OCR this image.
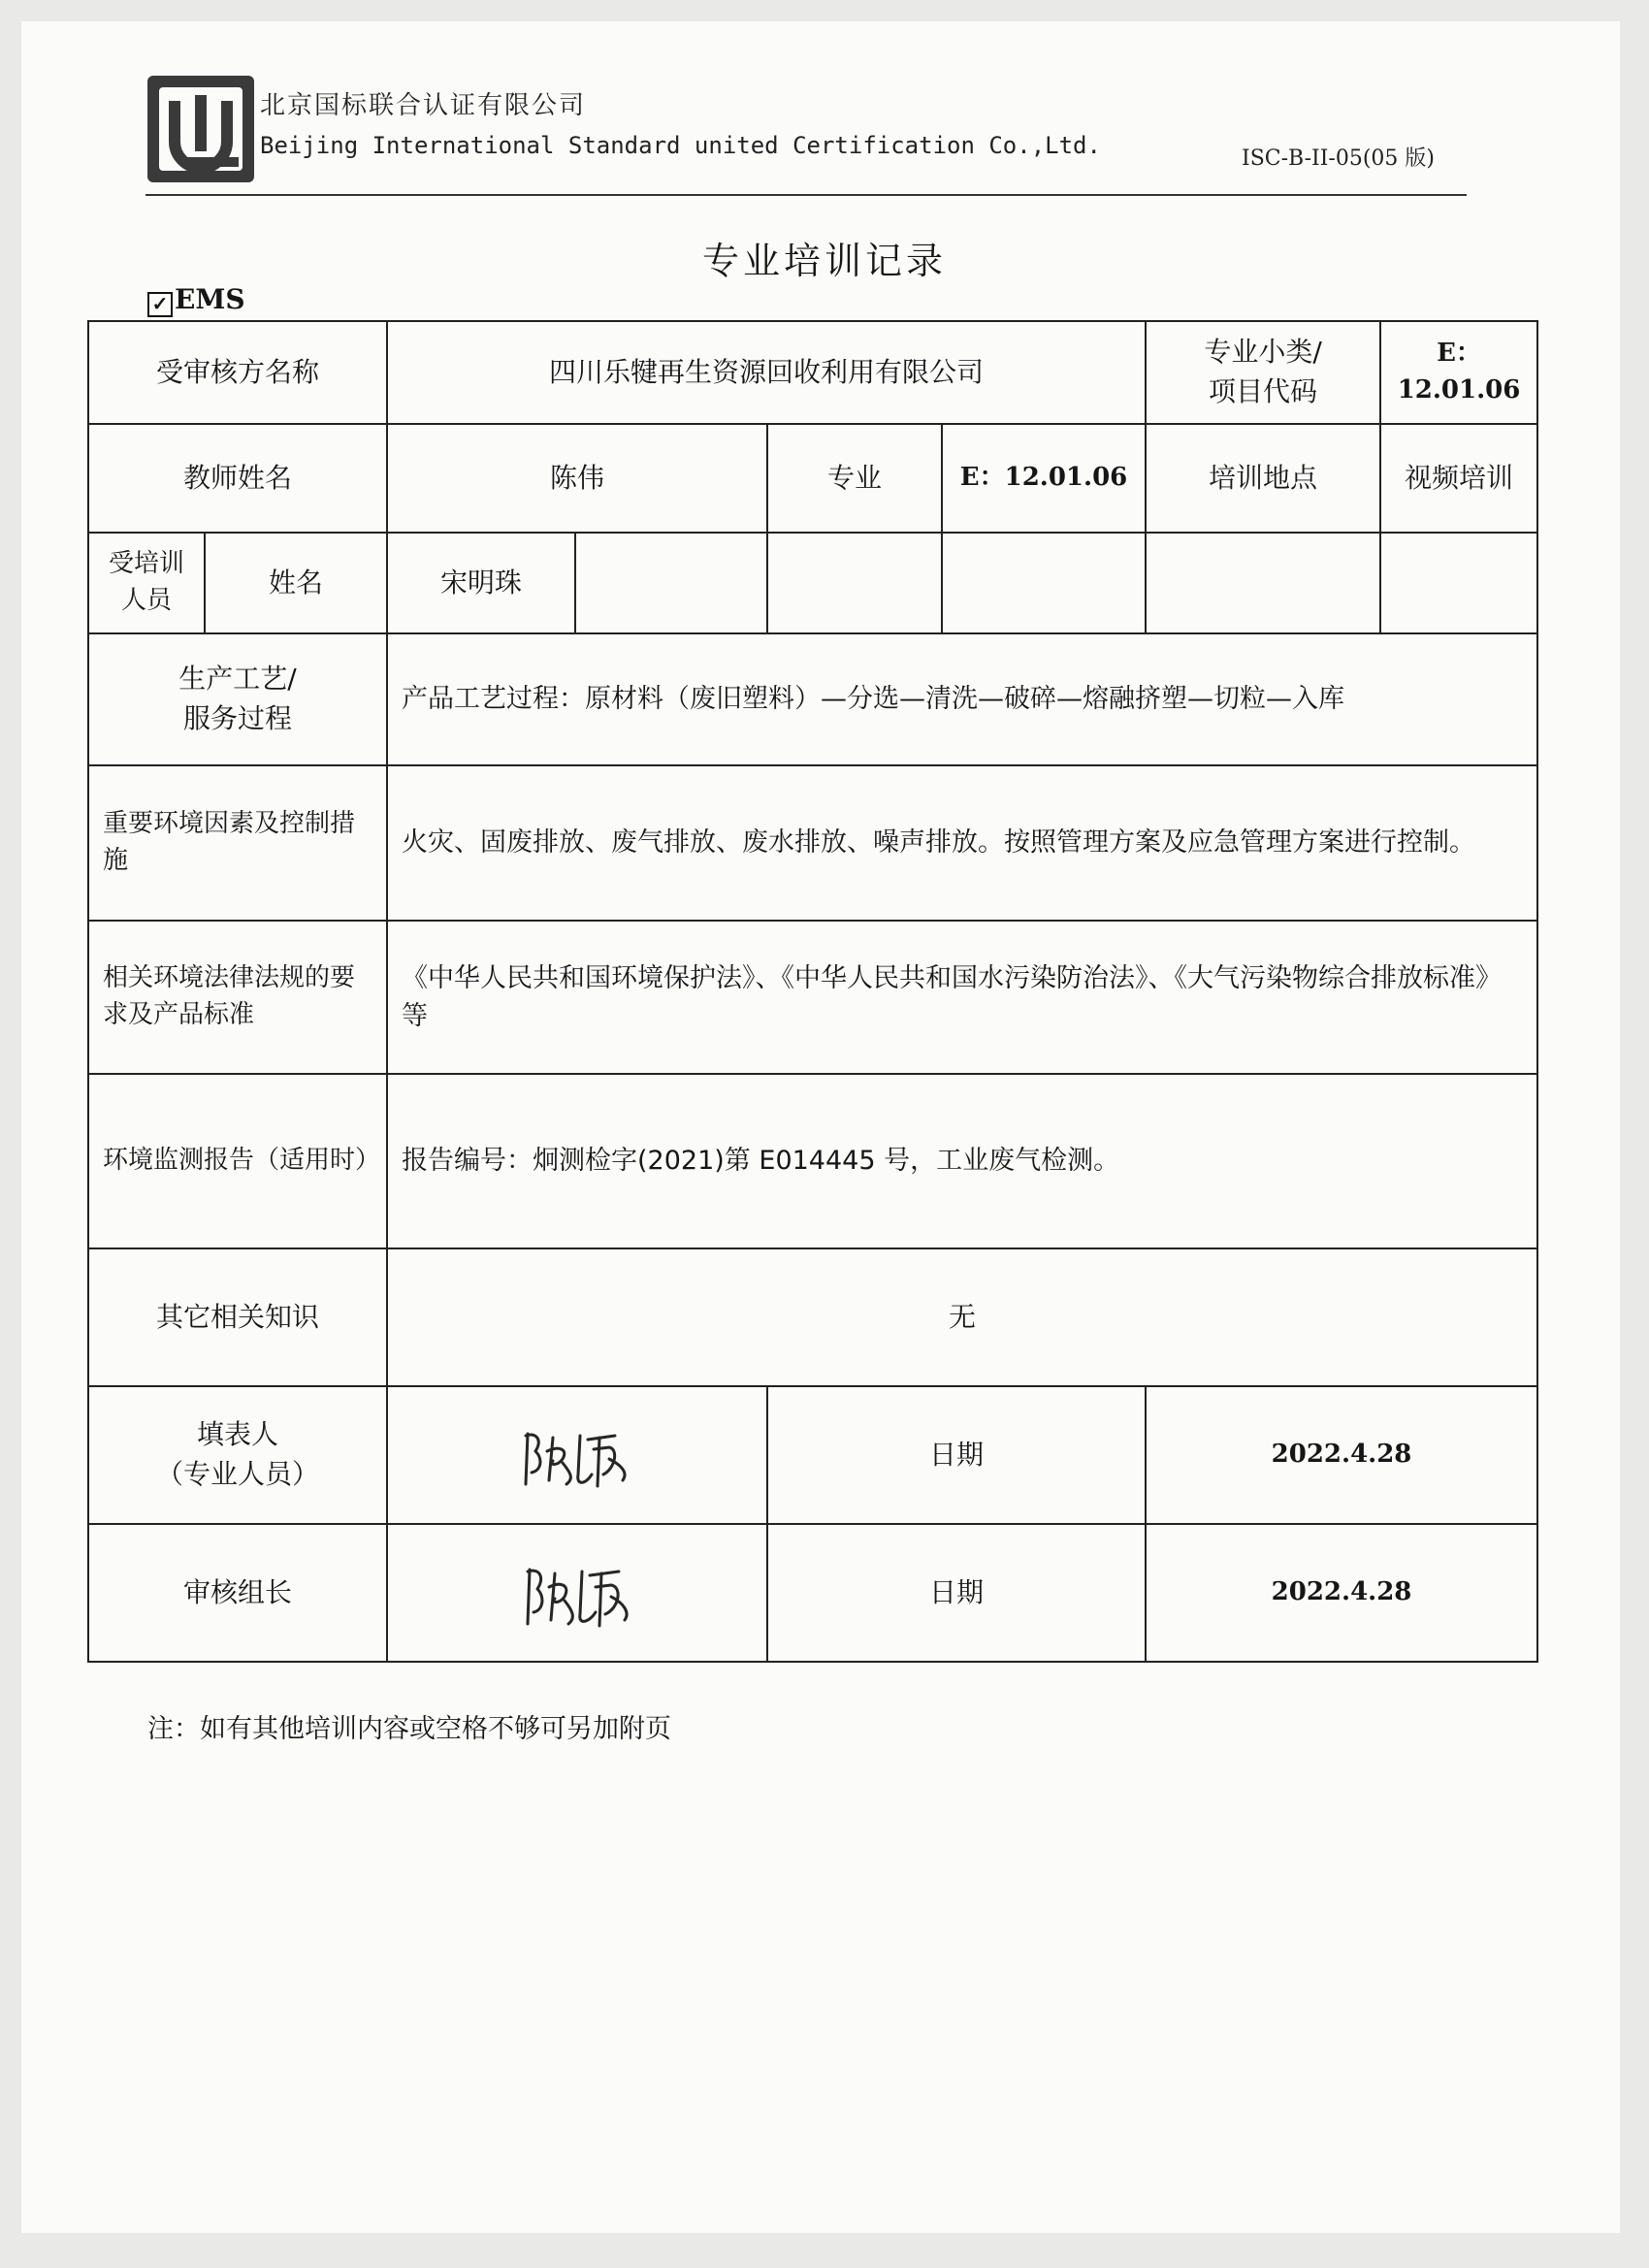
北京国标联合认证有限公司
Beijing International Standard united Certification Co.,Ltd.	ISC-B-II-05(05 版)
专业培训记录
✓ EMS
受审核方名称		四川乐犍再生资源回收利用有限公司				专业小类/
项目代码	E：12.01.06
教师姓名		陈伟		专业	E：12.01.06	培训地点	视频培训
受培训
人员	姓名	宋明珠					
生产工艺/
服务过程		产品工艺过程：原材料（废旧塑料）—分选—清洗—破碎—熔融挤塑—切粒—入库					
重要环境因素及控制措施		火灾、固废排放、废气排放、废水排放、噪声排放。按照管理方案及应急管理方案进行控制。					
相关环境法律法规的要求及产品标准		《中华人民共和国环境保护法》、《中华人民共和国水污染防治法》、《大气污染物综合排放标准》等					
环境监测报告（适用时）		报告编号：炯测检字(2021)第 E014445 号，工业废气检测。					
其它相关知识		无					
填表人
（专业人员）				日期		2022.4.28	
审核组长				日期		2022.4.28	
注：如有其他培训内容或空格不够可另加附页
